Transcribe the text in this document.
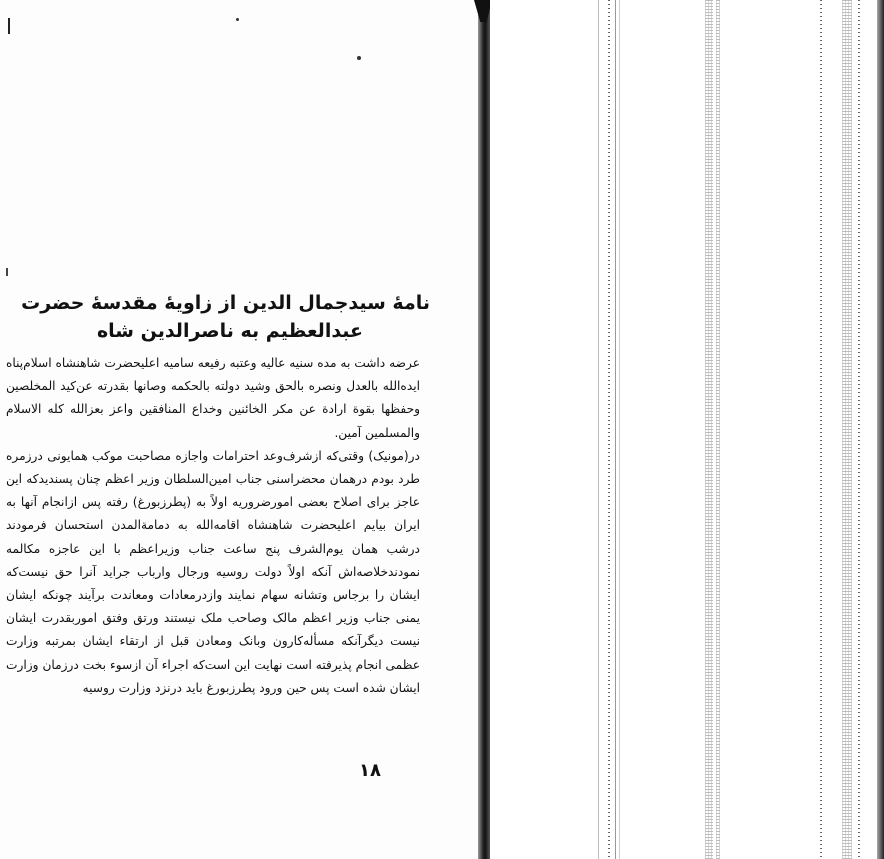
نامهٔ سیدجمال الدین از زاویهٔ مقدسهٔ حضرت
عبدالعظیم به ناصرالدین شاه

عرضه داشت به مده سنیه عالیه وعتبه رفیعه سامیه اعلیحضرت شاهنشاه اسلام‌پناه ایده‌الله بالعدل ونصره بالحق وشید دولته بالحکمه وصانها بقدرته عن‌کید المخلصین وحفظها بقوة ارادة عن مکر الخائنین وخداع المنافقین واعز بعزالله کله الاسلام والمسلمین آمین.

در(مونیک) وقتی‌که ازشرف‌وعد احترامات واجازه مصاحبت موکب همایونی درزمره طرد بودم درهمان محضراسنی جناب امین‌السلطان وزیر اعظم چنان پسندیدکه این عاجز برای اصلاح بعضی امورضروریه اولاً به (پطرزبورغ) رفته پس ازانجام آنها به ایران بیایم اعلیحضرت شاهنشاه اقامه‌الله به دمامة‌المدن استحسان فرمودند درشب همان یوم‌الشرف پنج ساعت جناب وزیراعظم با این عاجزه مکالمه نمودند‌خلاصه‌اش آنکه اولاً دولت روسیه ورجال وارباب جراید آنرا حق نیست‌که ایشان را برجاس وتشانه سهام نمایند وازدرمعادات ومعاندت برآیند چونکه ایشان یمنی جناب وزیر اعظم مالک وصاحب ملک نیستند ورتق وفتق اموربقدرت ایشان نیست دیگرآنکه مسأله‌کارون وبانک ومعادن قبل از ارتقاء ایشان بمرتبه وزارت عظمی انجام پذیرفته است نهایت این است‌که اجراء آن ازسوء بخت درزمان وزارت ایشان شده است پس حین ورود پطرزبورغ باید درنزد وزارت روسیه

۱۸
